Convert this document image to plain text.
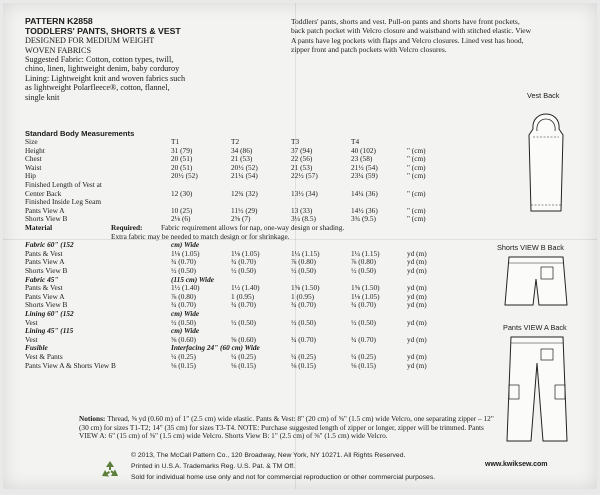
PATTERN K2858
TODDLERS' PANTS, SHORTS & VEST
DESIGNED FOR MEDIUM WEIGHT
WOVEN FABRICS
Suggested Fabric: Cotton, cotton types, twill,
chino, linen, lightweight denim, baby corduroy
Lining: Lightweight knit and woven fabrics such
as lightweight Polarfleece®, cotton, flannel,
single knit
Toddlers' pants, shorts and vest. Pull-on pants and shorts have front pockets, back patch pocket with Velcro closure and waistband with stitched elastic. View A pants have leg pockets with flaps and Velcro closures. Lined vest has hood, zipper front and patch pockets with Velcro closures.
Standard Body Measurements
Size	T1	T2	T3	T4
Height	31 (79)	34 (86)	37 (94)	40 (102)	" (cm)
Chest	20 (51)	21 (53)	22 (56)	23 (58)	" (cm)
Waist	20 (51)	20½ (52)	21 (53)	21½ (54)	" (cm)
Hip	20½ (52)	21¼ (54)	22½ (57)	23¼ (59)	" (cm)
Finished Length of Vest at
Center Back	12 (30)	12¾ (32)	13½ (34)	14¼ (36)	" (cm)
Finished Inside Leg Seam
Pants View A	10 (25)	11½ (29)	13 (33)	14½ (36)	" (cm)
Shorts View B	2⅛ (6)	2⅝ (7)	3¼ (8.5)	3¾ (9.5)	" (cm)
Material	Required:	Fabric requirement allows for nap, one-way design or shading.
Extra fabric may be needed to match design or for shrinkage.
Fabric 60" (152	cm) Wide
Pants & Vest	1⅛ (1.05)	1⅛ (1.05)	1¼ (1.15)	1¼ (1.15)	yd (m)
Pants View A	¾ (0.70)	¾ (0.70)	⅞ (0.80)	⅞ (0.80)	yd (m)
Shorts View B	½ (0.50)	½ (0.50)	½ (0.50)	½ (0.50)	yd (m)
Fabric 45"	(115 cm) Wide
Pants & Vest	1½ (1.40)	1½ (1.40)	1⅝ (1.50)	1⅝ (1.50)	yd (m)
Pants View A	⅞ (0.80)	1 (0.95)	1 (0.95)	1⅛ (1.05)	yd (m)
Shorts View B	¾ (0.70)	¾ (0.70)	¾ (0.70)	¾ (0.70)	yd (m)
Lining 60" (152	cm) Wide
Vest	½ (0.50)	½ (0.50)	½ (0.50)	½ (0.50)	yd (m)
Lining 45" (115	cm) Wide
Vest	⅝ (0.60)	⅝ (0.60)	¾ (0.70)	¾ (0.70)	yd (m)
Fusible	Interfacing 24" (60 cm) Wide
Vest & Pants	¼ (0.25)	¼ (0.25)	¼ (0.25)	¼ (0.25)	yd (m)
Pants View A & Shorts View B	⅛ (0.15)	⅛ (0.15)	⅛ (0.15)	⅛ (0.15)	yd (m)
Vest Back
Shorts VIEW B Back
Pants VIEW A Back
Notions: Thread, ⅝ yd (0.60 m) of 1" (2.5 cm) wide elastic. Pants & Vest: 8" (20 cm) of ⅝" (1.5 cm) wide Velcro, one separating zipper – 12" (30 cm) for sizes T1-T2; 14" (35 cm) for sizes T3-T4. NOTE: Purchase suggested length of zipper or longer, zipper will be trimmed. Pants VIEW A: 6" (15 cm) of ⅝" (1.5 cm) wide Velcro. Shorts View B: 1" (2.5 cm) of ⅝" (1.5 cm) wide Velcro.
© 2013, The McCall Pattern Co., 120 Broadway, New York, NY 10271. All Rights Reserved.
Printed in U.S.A. Trademarks Reg. U.S. Pat. & TM Off.
Sold for individual home use only and not for commercial reproduction or other commercial purposes.
www.kwiksew.com
